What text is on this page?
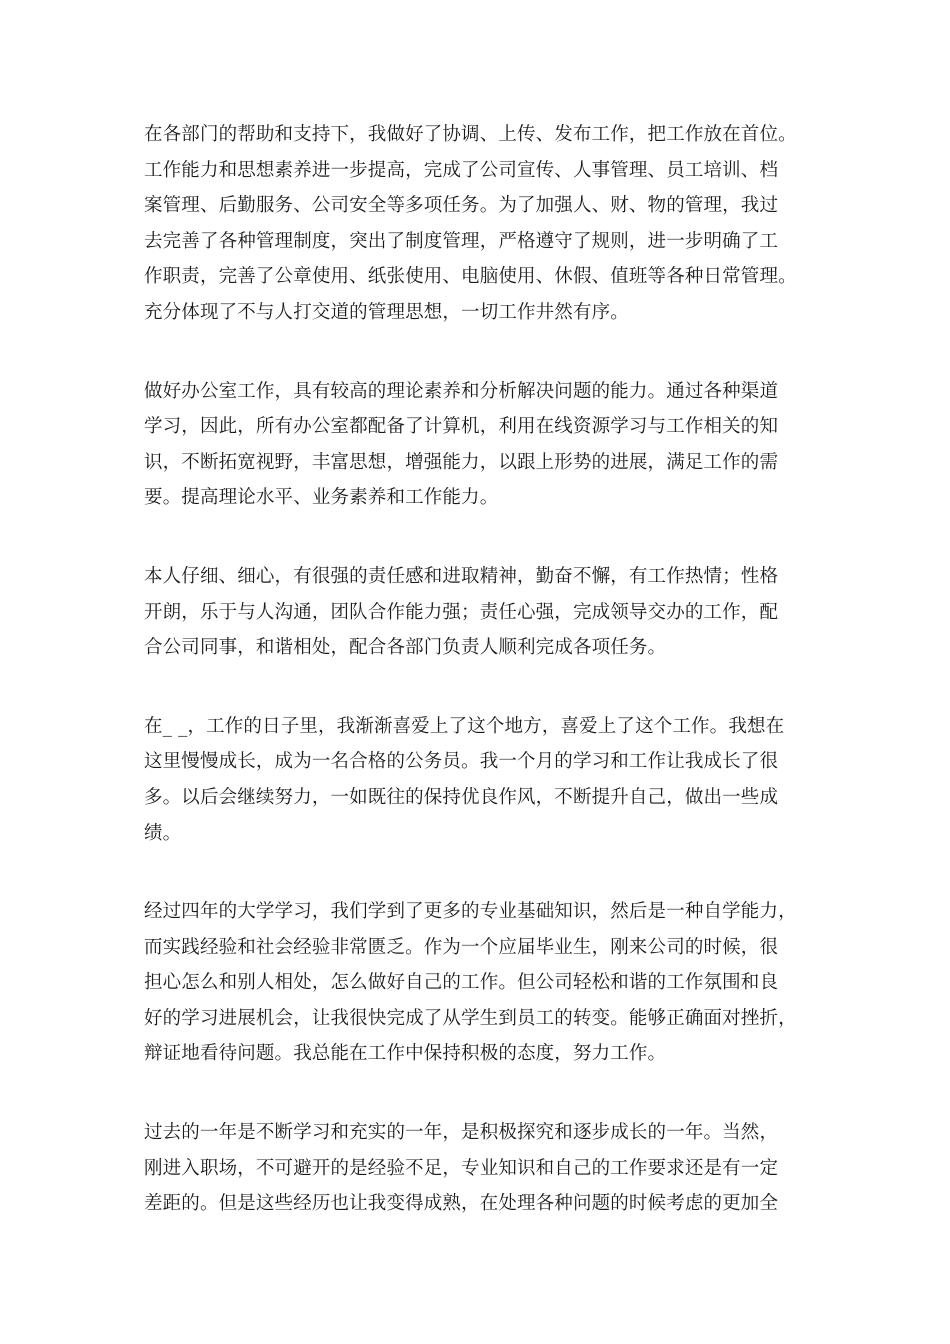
在各部门的帮助和支持下，我做好了协调、上传、发布工作，把工作放在首位。
工作能力和思想素养进一步提高，完成了公司宣传、人事管理、员工培训、档
案管理、后勤服务、公司安全等多项任务。为了加强人、财、物的管理，我过
去完善了各种管理制度，突出了制度管理，严格遵守了规则，进一步明确了工
作职责，完善了公章使用、纸张使用、电脑使用、休假、值班等各种日常管理。
充分体现了不与人打交道的管理思想，一切工作井然有序。

做好办公室工作，具有较高的理论素养和分析解决问题的能力。通过各种渠道
学习，因此，所有办公室都配备了计算机，利用在线资源学习与工作相关的知
识，不断拓宽视野，丰富思想，增强能力，以跟上形势的进展，满足工作的需
要。提高理论水平、业务素养和工作能力。

本人仔细、细心，有很强的责任感和进取精神，勤奋不懈，有工作热情；性格
开朗，乐于与人沟通，团队合作能力强；责任心强，完成领导交办的工作，配
合公司同事，和谐相处，配合各部门负责人顺利完成各项任务。

在_ _，工作的日子里，我渐渐喜爱上了这个地方，喜爱上了这个工作。我想在
这里慢慢成长，成为一名合格的公务员。我一个月的学习和工作让我成长了很
多。以后会继续努力，一如既往的保持优良作风，不断提升自己，做出一些成
绩。

经过四年的大学学习，我们学到了更多的专业基础知识，然后是一种自学能力，
而实践经验和社会经验非常匮乏。作为一个应届毕业生，刚来公司的时候，很
担心怎么和别人相处，怎么做好自己的工作。但公司轻松和谐的工作氛围和良
好的学习进展机会，让我很快完成了从学生到员工的转变。能够正确面对挫折，
辩证地看待问题。我总能在工作中保持积极的态度，努力工作。

过去的一年是不断学习和充实的一年，是积极探究和逐步成长的一年。当然，
刚进入职场，不可避开的是经验不足，专业知识和自己的工作要求还是有一定
差距的。但是这些经历也让我变得成熟，在处理各种问题的时候考虑的更加全
